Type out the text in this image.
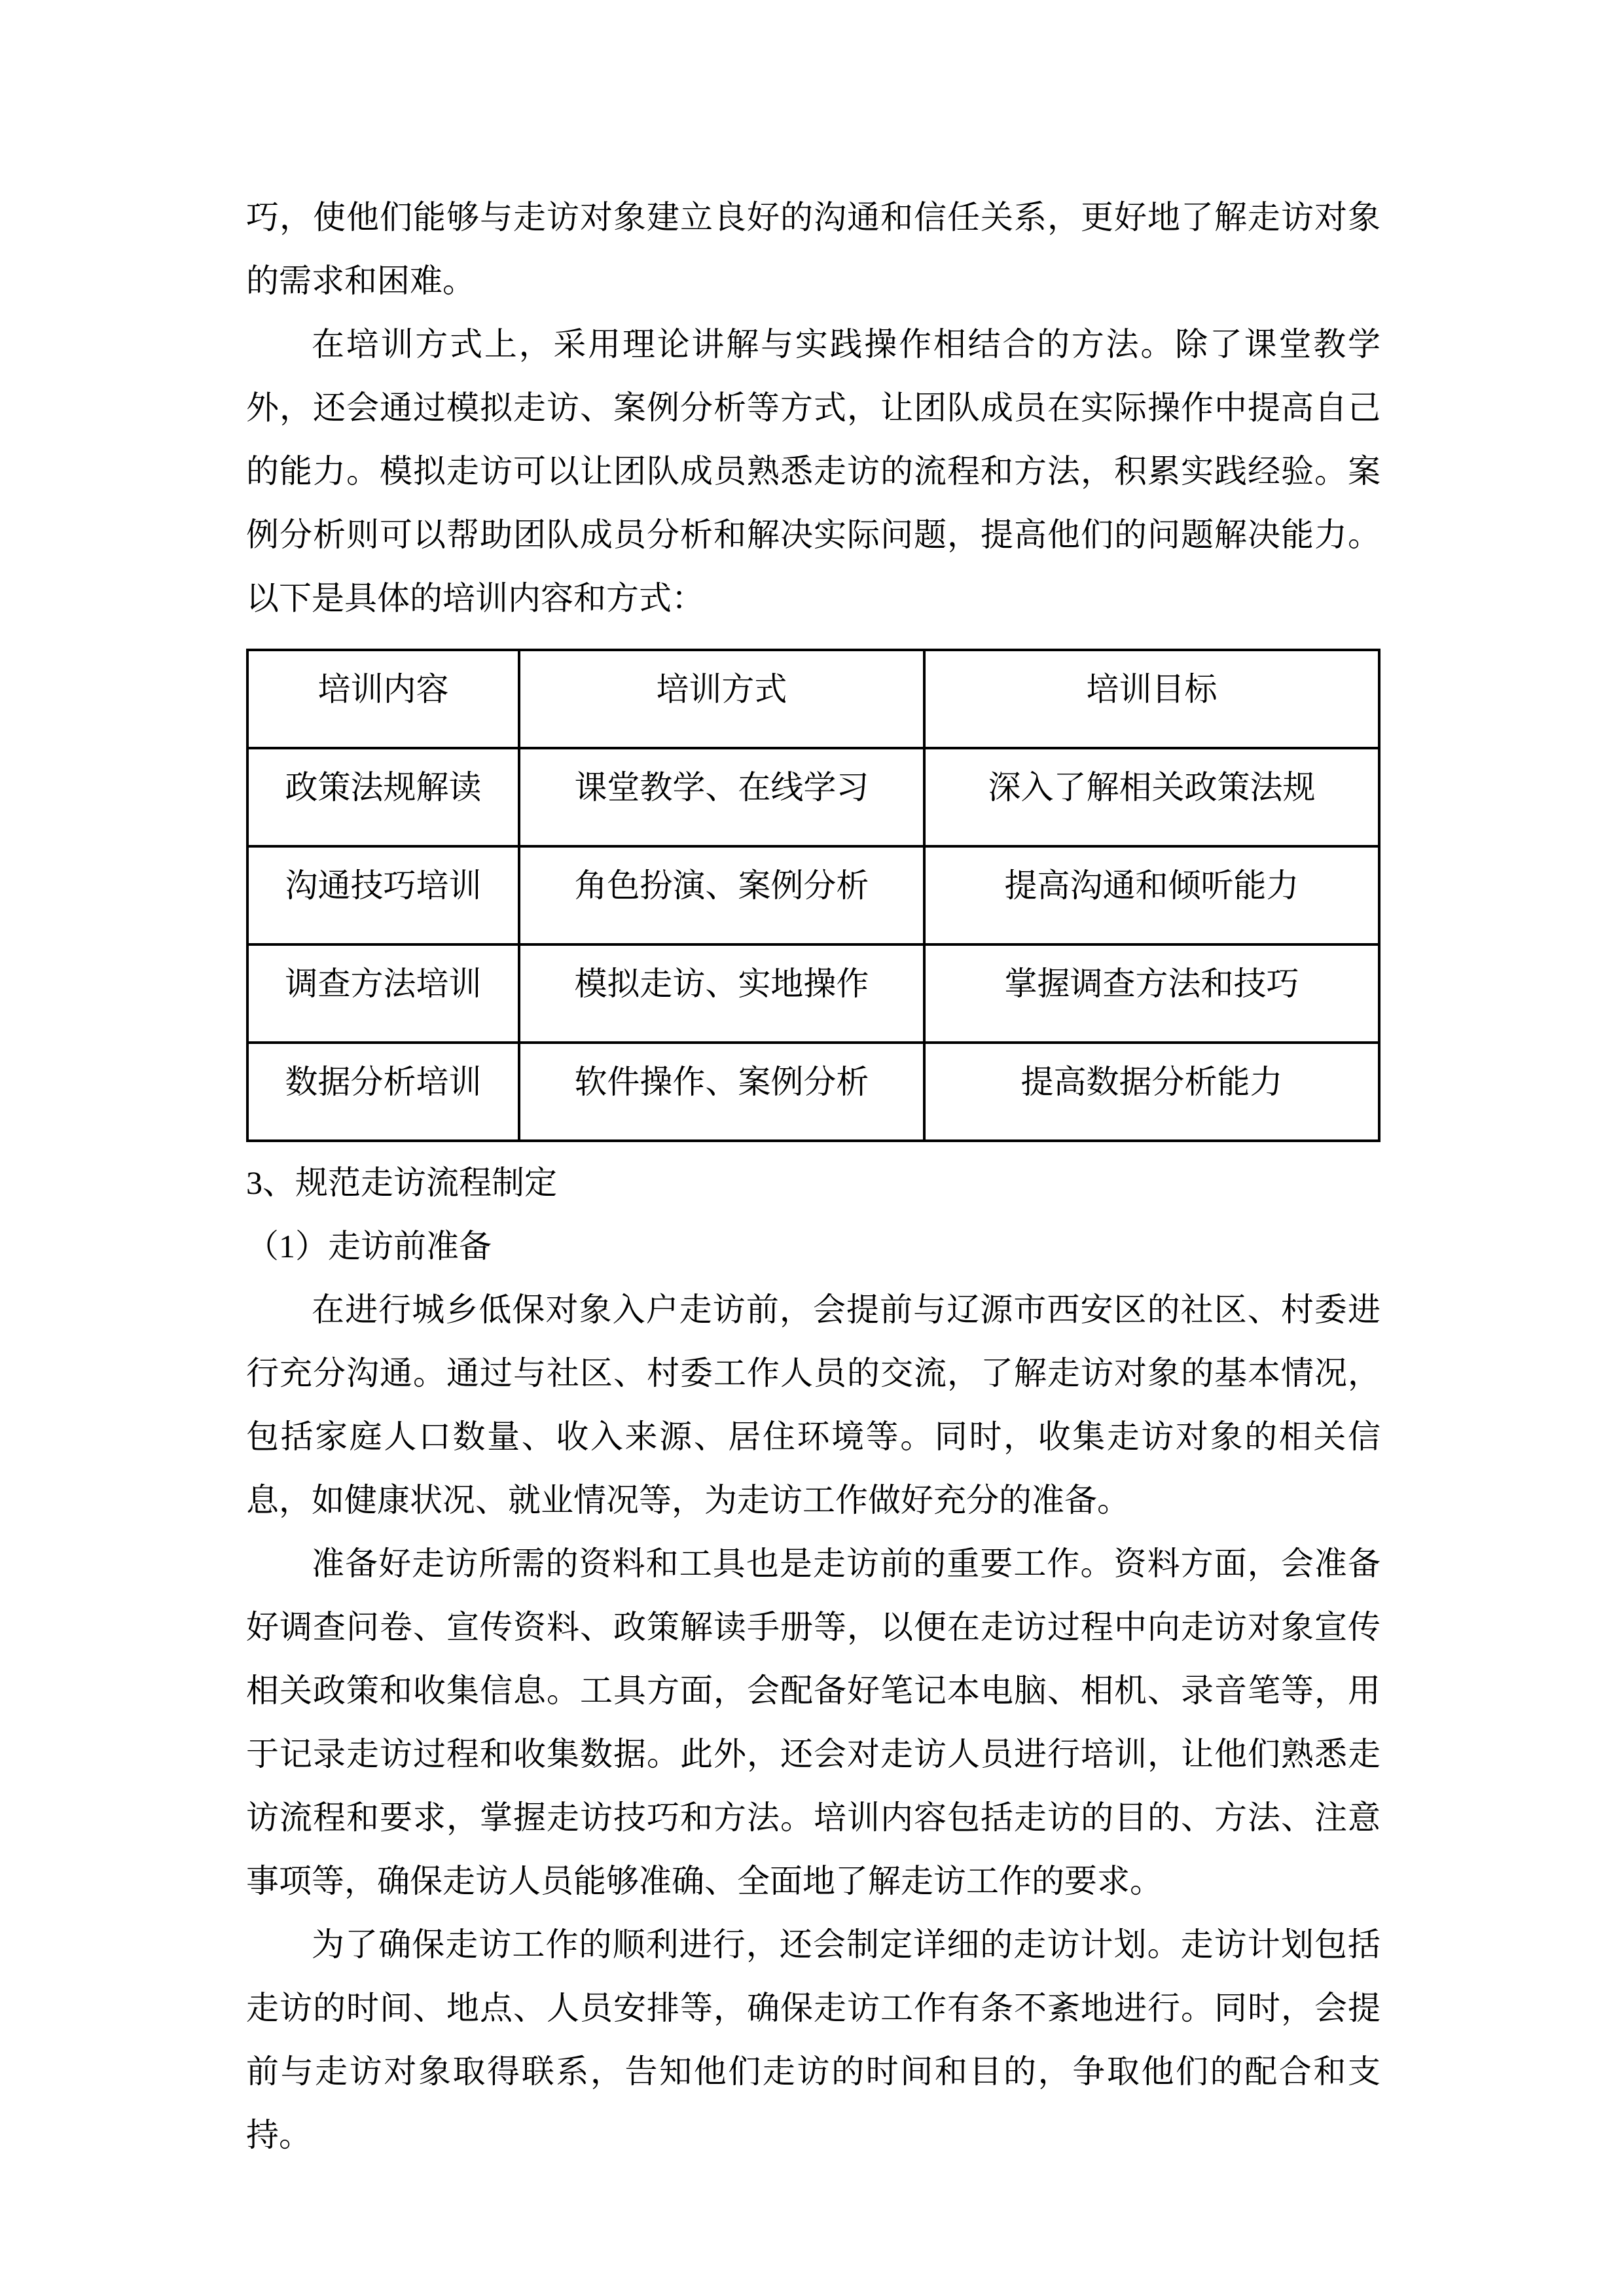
巧，使他们能够与走访对象建立良好的沟通和信任关系，更好地了解走访对象的需求和困难。

在培训方式上，采用理论讲解与实践操作相结合的方法。除了课堂教学外，还会通过模拟走访、案例分析等方式，让团队成员在实际操作中提高自己的能力。模拟走访可以让团队成员熟悉走访的流程和方法，积累实践经验。案例分析则可以帮助团队成员分析和解决实际问题，提高他们的问题解决能力。以下是具体的培训内容和方式：

培训内容	培训方式	培训目标
政策法规解读	课堂教学、在线学习	深入了解相关政策法规
沟通技巧培训	角色扮演、案例分析	提高沟通和倾听能力
调查方法培训	模拟走访、实地操作	掌握调查方法和技巧
数据分析培训	软件操作、案例分析	提高数据分析能力

3、规范走访流程制定

（1）走访前准备

在进行城乡低保对象入户走访前，会提前与辽源市西安区的社区、村委进行充分沟通。通过与社区、村委工作人员的交流，了解走访对象的基本情况，包括家庭人口数量、收入来源、居住环境等。同时，收集走访对象的相关信息，如健康状况、就业情况等，为走访工作做好充分的准备。

准备好走访所需的资料和工具也是走访前的重要工作。资料方面，会准备好调查问卷、宣传资料、政策解读手册等，以便在走访过程中向走访对象宣传相关政策和收集信息。工具方面，会配备好笔记本电脑、相机、录音笔等，用于记录走访过程和收集数据。此外，还会对走访人员进行培训，让他们熟悉走访流程和要求，掌握走访技巧和方法。培训内容包括走访的目的、方法、注意事项等，确保走访人员能够准确、全面地了解走访工作的要求。

为了确保走访工作的顺利进行，还会制定详细的走访计划。走访计划包括走访的时间、地点、人员安排等，确保走访工作有条不紊地进行。同时，会提前与走访对象取得联系，告知他们走访的时间和目的，争取他们的配合和支持。
